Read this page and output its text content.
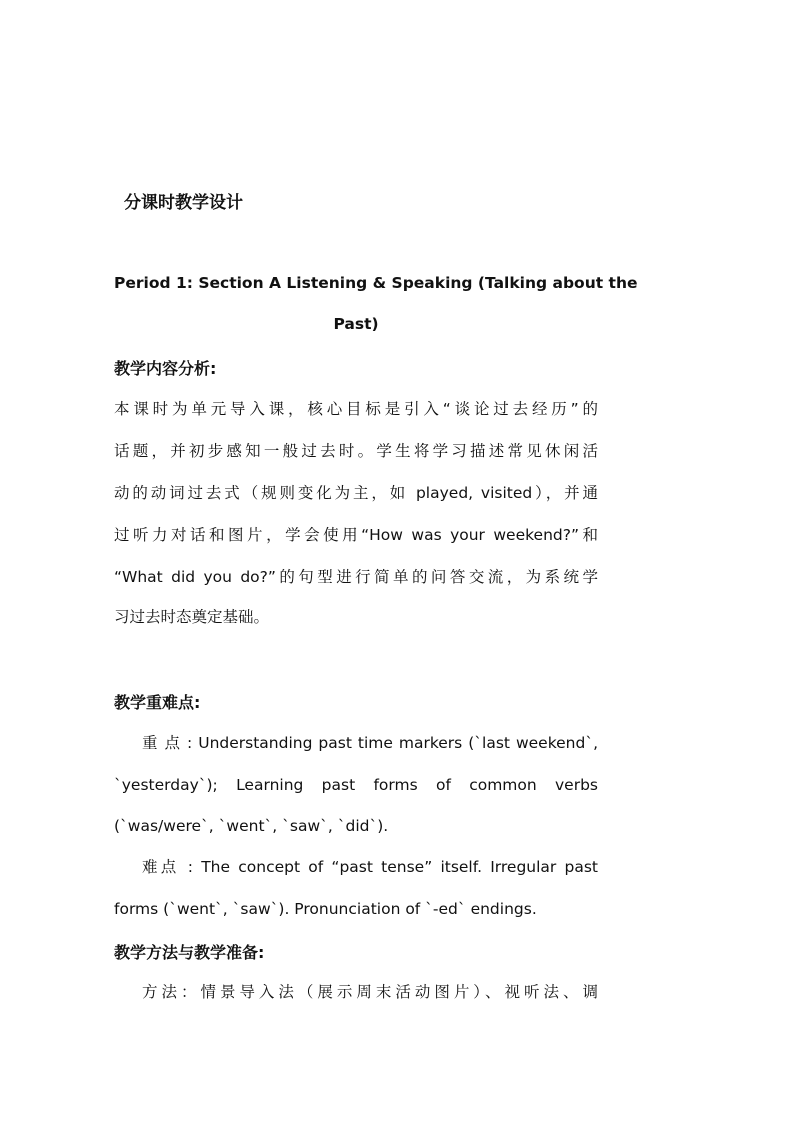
分课时教学设计
Period 1: Section A Listening & Speaking (Talking about the
Past)
教学内容分析:
本课时为单元导入课，核心目标是引入“谈论过去经历”的
话题，并初步感知一般过去时。学生将学习描述常见休闲活
动的动词过去式（规则变化为主，如 played, visited），并通
过听力对话和图片，学会使用“How was your weekend?”和
“What did you do?”的句型进行简单的问答交流，为系统学
习过去时态奠定基础。
教学重难点:
重 点 : Understanding past time markers (`last weekend`,
`yesterday`); Learning past forms of common verbs
(`was/were`, `went`, `saw`, `did`).
难点 : The concept of “past tense” itself. Irregular past
forms (`went`, `saw`). Pronunciation of `-ed` endings.
教学方法与教学准备:
方法：情景导入法（展示周末活动图片）、视听法、调
